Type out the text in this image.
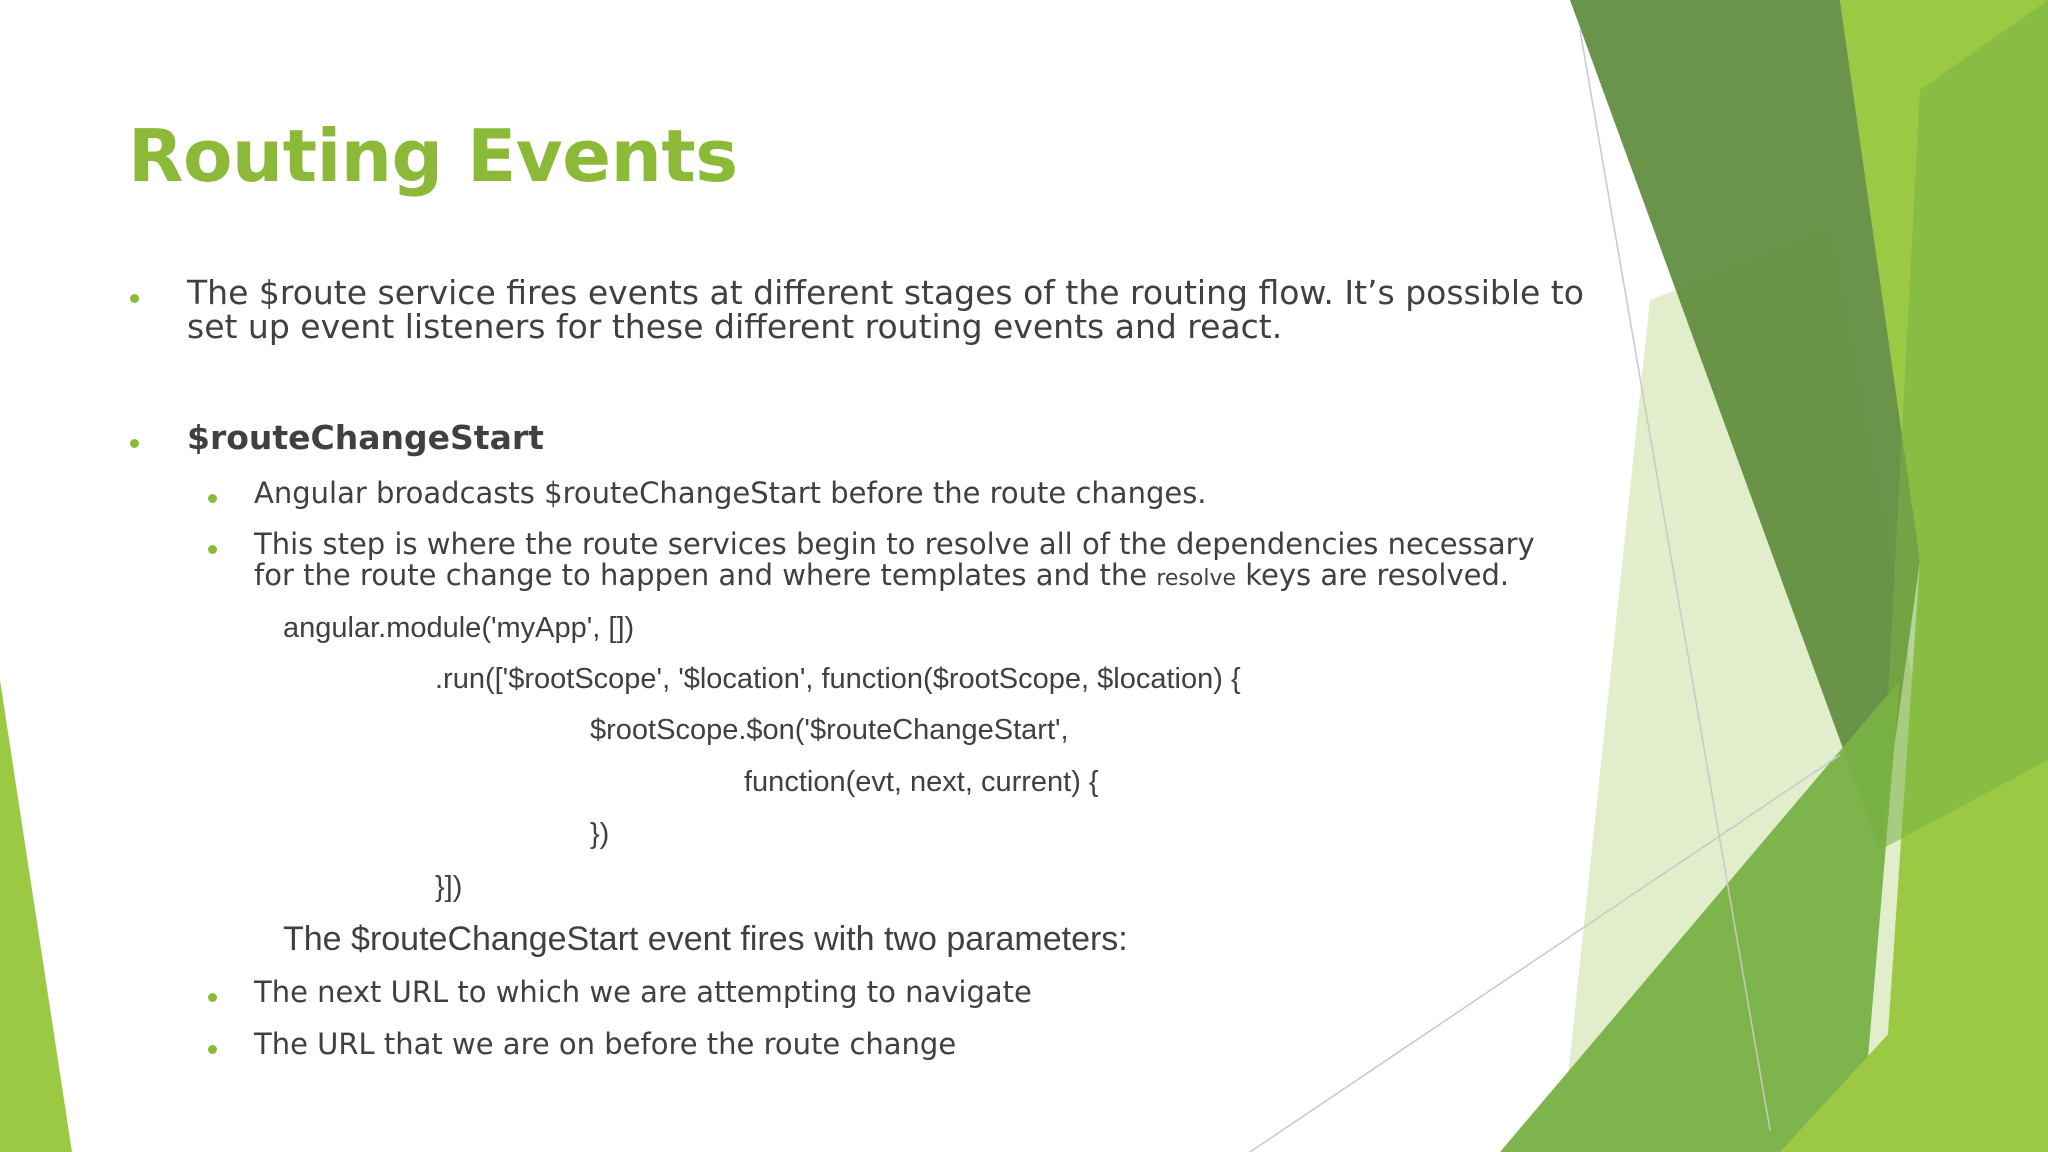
Routing Events
The $route service fires events at different stages of the routing flow. It’s possible to set up event listeners for these different routing events and react.
$routeChangeStart
Angular broadcasts $routeChangeStart before the route changes.
This step is where the route services begin to resolve all of the dependencies necessary for the route change to happen and where templates and the resolve keys are resolved.
angular.module('myApp', [])
.run(['$rootScope', '$location', function($rootScope, $location) {
$rootScope.$on('$routeChangeStart',
function(evt, next, current) {
})
}])
The $routeChangeStart event fires with two parameters:
The next URL to which we are attempting to navigate
The URL that we are on before the route change
